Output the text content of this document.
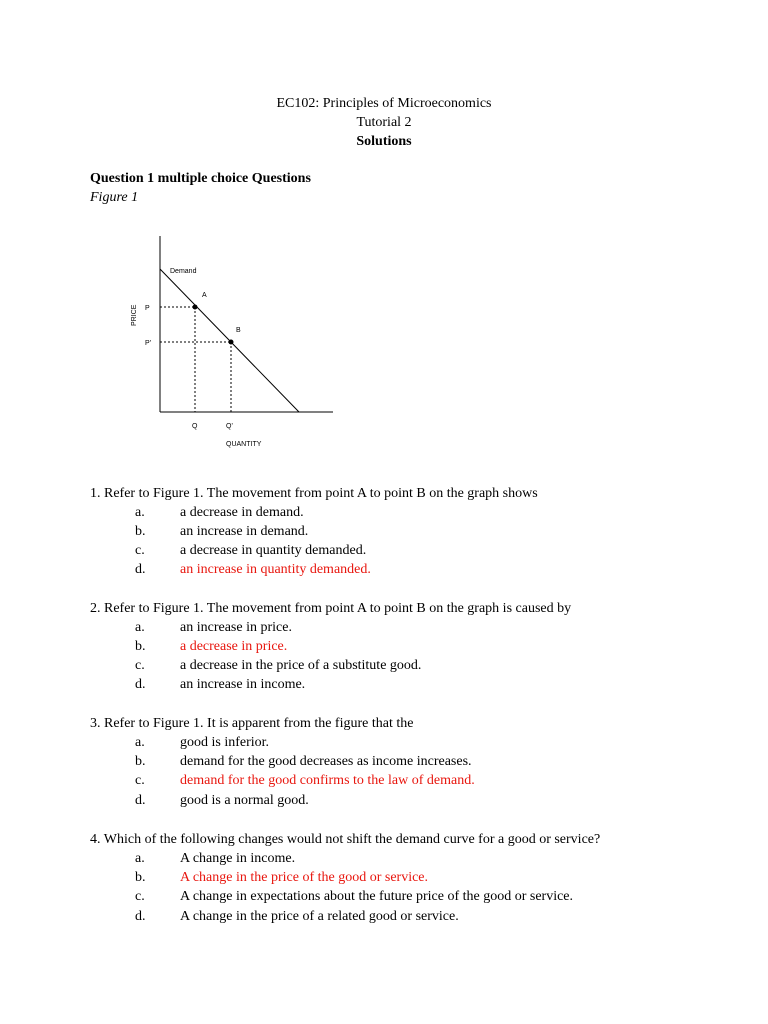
EC102: Principles of Microeconomics
Tutorial 2
Solutions
Question 1 multiple choice Questions
Figure 1
Demand
A
B
P
P'
Q	Q'
QUANTITY
PRICE
1. Refer to Figure 1. The movement from point A to point B on the graph shows
a.	a decrease in demand.
b. an increase in demand.
c.	a decrease in quantity demanded.
d. an increase in quantity demanded.
2. Refer to Figure 1. The movement from point A to point B on the graph is caused by
a.	an increase in price.
b. a decrease in price.
c.	a decrease in the price of a substitute good.
d. an increase in income.
3. Refer to Figure 1. It is apparent from the figure that the
a.	good is inferior.
b. demand for the good decreases as income increases.
c.	demand for the good confirms to the law of demand.
d. good is a normal good.
4. Which of the following changes would not shift the demand curve for a good or service?
a.	A change in income.
b. A change in the price of the good or service.
c.	A change in expectations about the future price of the good or service.
d. A change in the price of a related good or service.
